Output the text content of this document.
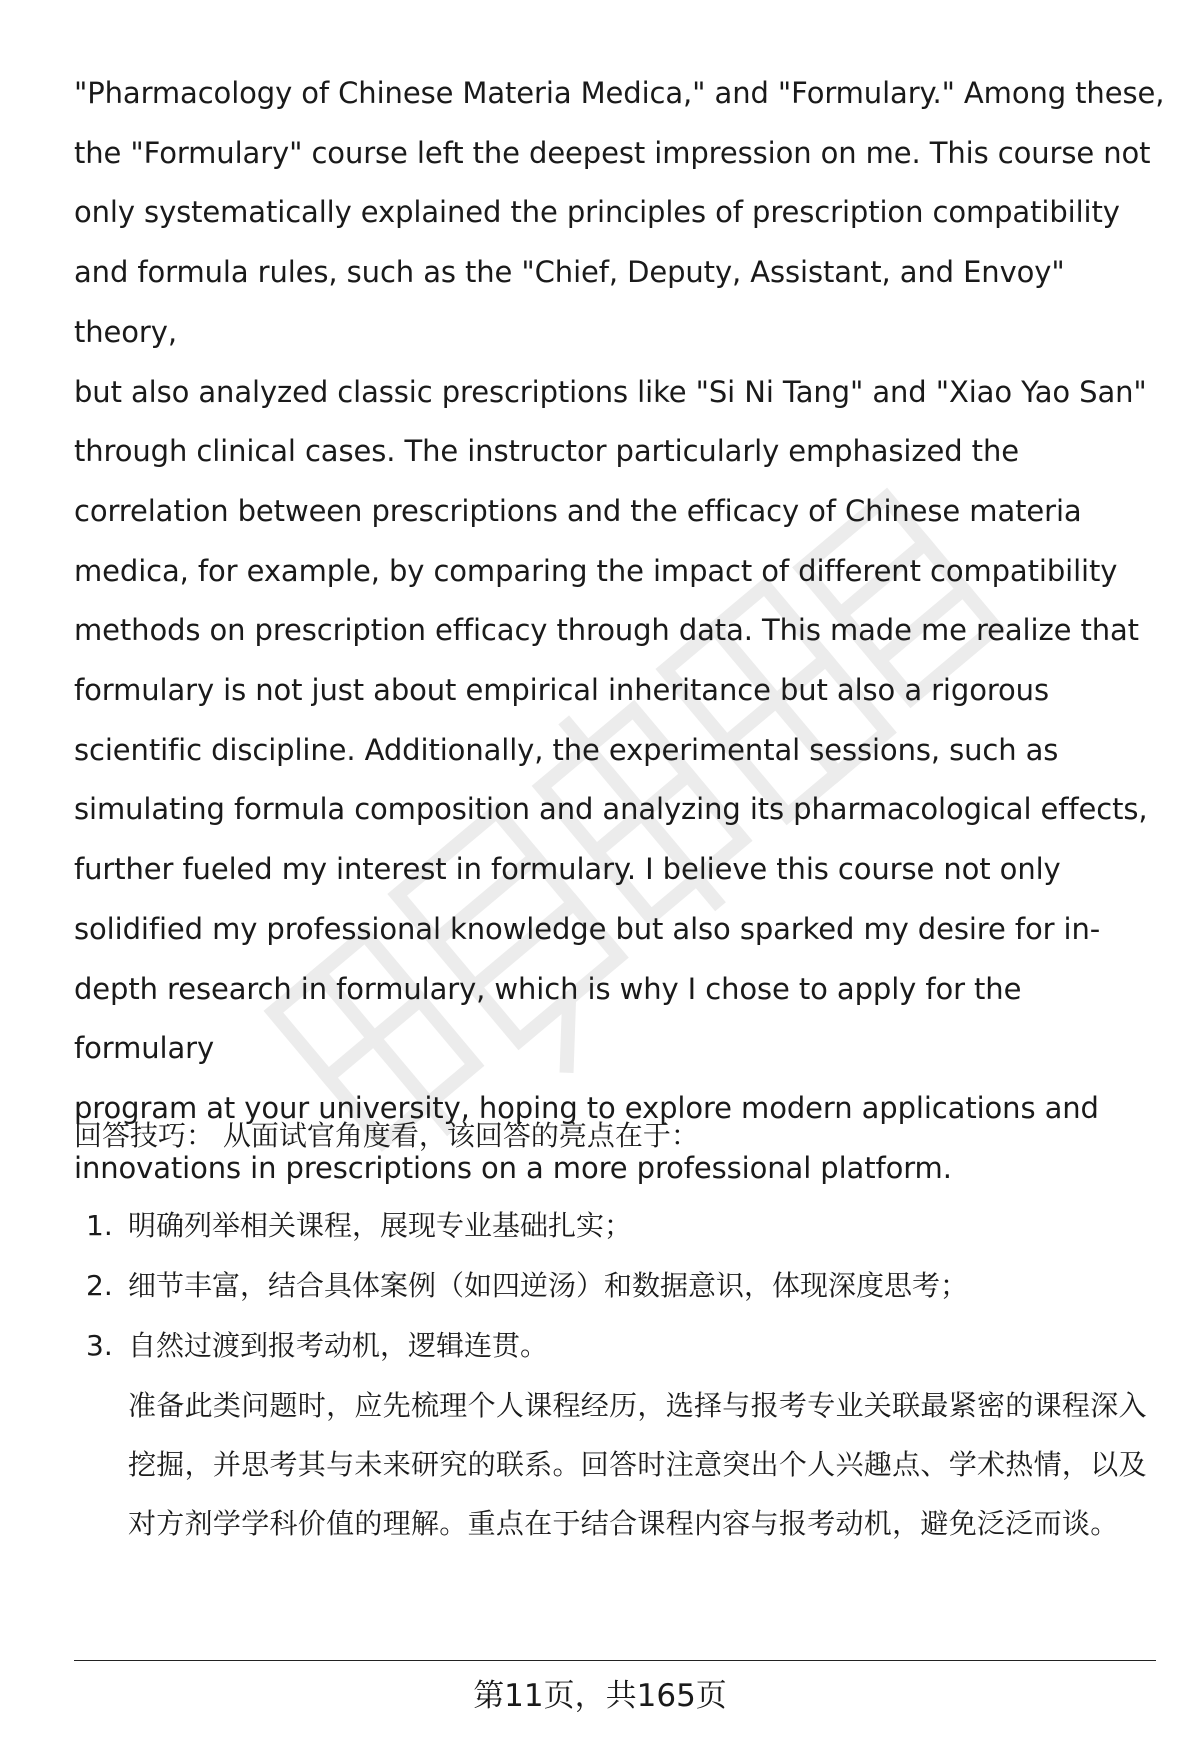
"Pharmacology of Chinese Materia Medica," and "Formulary." Among these,

the "Formulary" course left the deepest impression on me. This course not

only systematically explained the principles of prescription compatibility

and formula rules, such as the "Chief, Deputy, Assistant, and Envoy" theory,

but also analyzed classic prescriptions like "Si Ni Tang" and "Xiao Yao San"

through clinical cases. The instructor particularly emphasized the

correlation between prescriptions and the efficacy of Chinese materia

medica, for example, by comparing the impact of different compatibility

methods on prescription efficacy through data. This made me realize that

formulary is not just about empirical inheritance but also a rigorous

scientific discipline. Additionally, the experimental sessions, such as

simulating formula composition and analyzing its pharmacological effects,

further fueled my interest in formulary. I believe this course not only

solidified my professional knowledge but also sparked my desire for in-

depth research in formulary, which is why I chose to apply for the formulary

program at your university, hoping to explore modern applications and

innovations in prescriptions on a more professional platform.

回答技巧： 从面试官角度看，该回答的亮点在于：
1. 明确列举相关课程，展现专业基础扎实；
2. 细节丰富，结合具体案例（如四逆汤）和数据意识，体现深度思考；
3. 自然过渡到报考动机，逻辑连贯。

准备此类问题时，应先梳理个人课程经历，选择与报考专业关联最紧密的课程深入挖掘，并思考其与未来研究的联系。回答时注意突出个人兴趣点、学术热情，以及对方剂学学科价值的理解。重点在于结合课程内容与报考动机，避免泛泛而谈。

第11页，共165页
